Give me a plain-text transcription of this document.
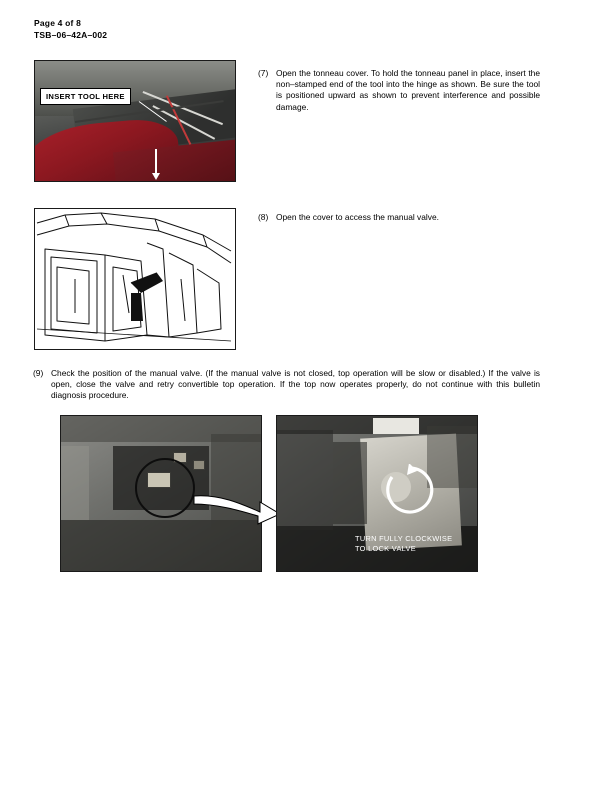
Page 4 of 8
TSB–06–42A–002
INSERT TOOL HERE
(7) Open the tonneau cover. To hold the tonneau panel in place, insert the non–stamped end of the tool into the hinge as shown. Be sure the tool is positioned upward as shown to prevent interference and possible damage.
(8) Open the cover to access the manual valve.
(9) Check the position of the manual valve. (If the manual valve is not closed, top operation will be slow or disabled.) If the valve is open, close the valve and retry convertible top operation. If the top now operates properly, do not continue with this bulletin diagnosis procedure.
TURN FULLY CLOCKWISE
TO LOCK VALVE
